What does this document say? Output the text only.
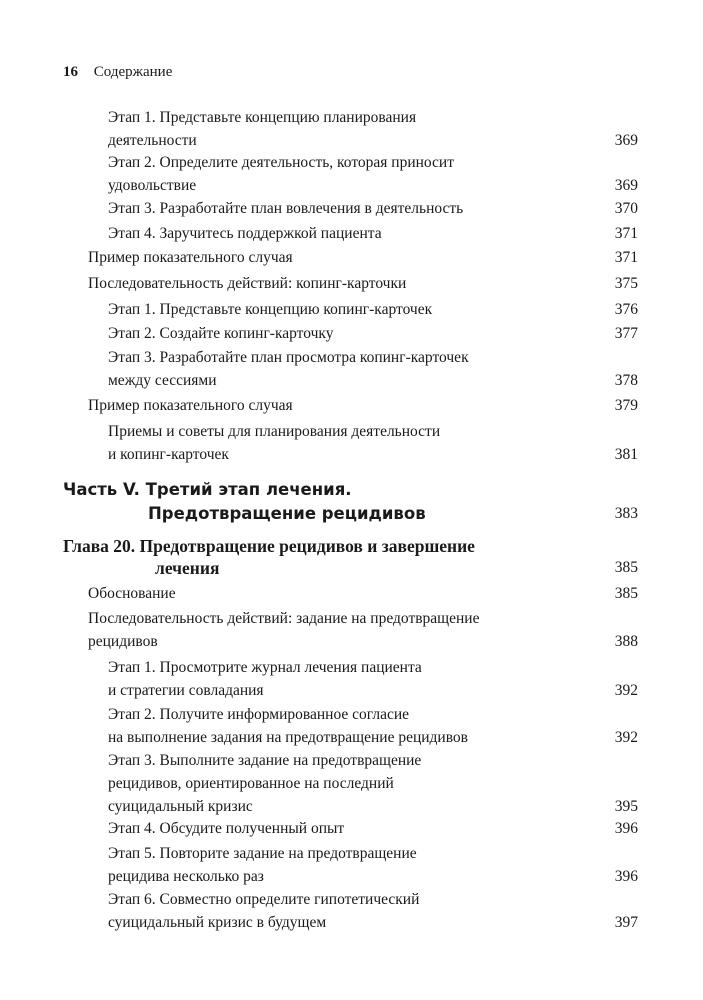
16 Содержание
Этап 1. Представьте концепцию планирования
деятельности	369
Этап 2. Определите деятельность, которая приносит
удовольствие	369
Этап 3. Разработайте план вовлечения в деятельность	370
Этап 4. Заручитесь поддержкой пациента	371
Пример показательного случая	371
Последовательность действий: копинг-карточки	375
Этап 1. Представьте концепцию копинг-карточек	376
Этап 2. Создайте копинг-карточку	377
Этап 3. Разработайте план просмотра копинг-карточек
между сессиями	378
Пример показательного случая	379
Приемы и советы для планирования деятельности
и копинг-карточек	381
Часть V. Третий этап лечения.

Предотвращение рецидивов	383
Глава 20. Предотвращение рецидивов и завершение

лечения	385
Обоснование	385
Последовательность действий: задание на предотвращение
рецидивов	388
Этап 1. Просмотрите журнал лечения пациента
и стратегии совладания	392
Этап 2. Получите информированное согласие
на выполнение задания на предотвращение рецидивов	392
Этап 3. Выполните задание на предотвращение
рецидивов, ориентированное на последний
суицидальный кризис	395
Этап 4. Обсудите полученный опыт	396
Этап 5. Повторите задание на предотвращение
рецидива несколько раз	396
Этап 6. Совместно определите гипотетический
суицидальный кризис в будущем	397
